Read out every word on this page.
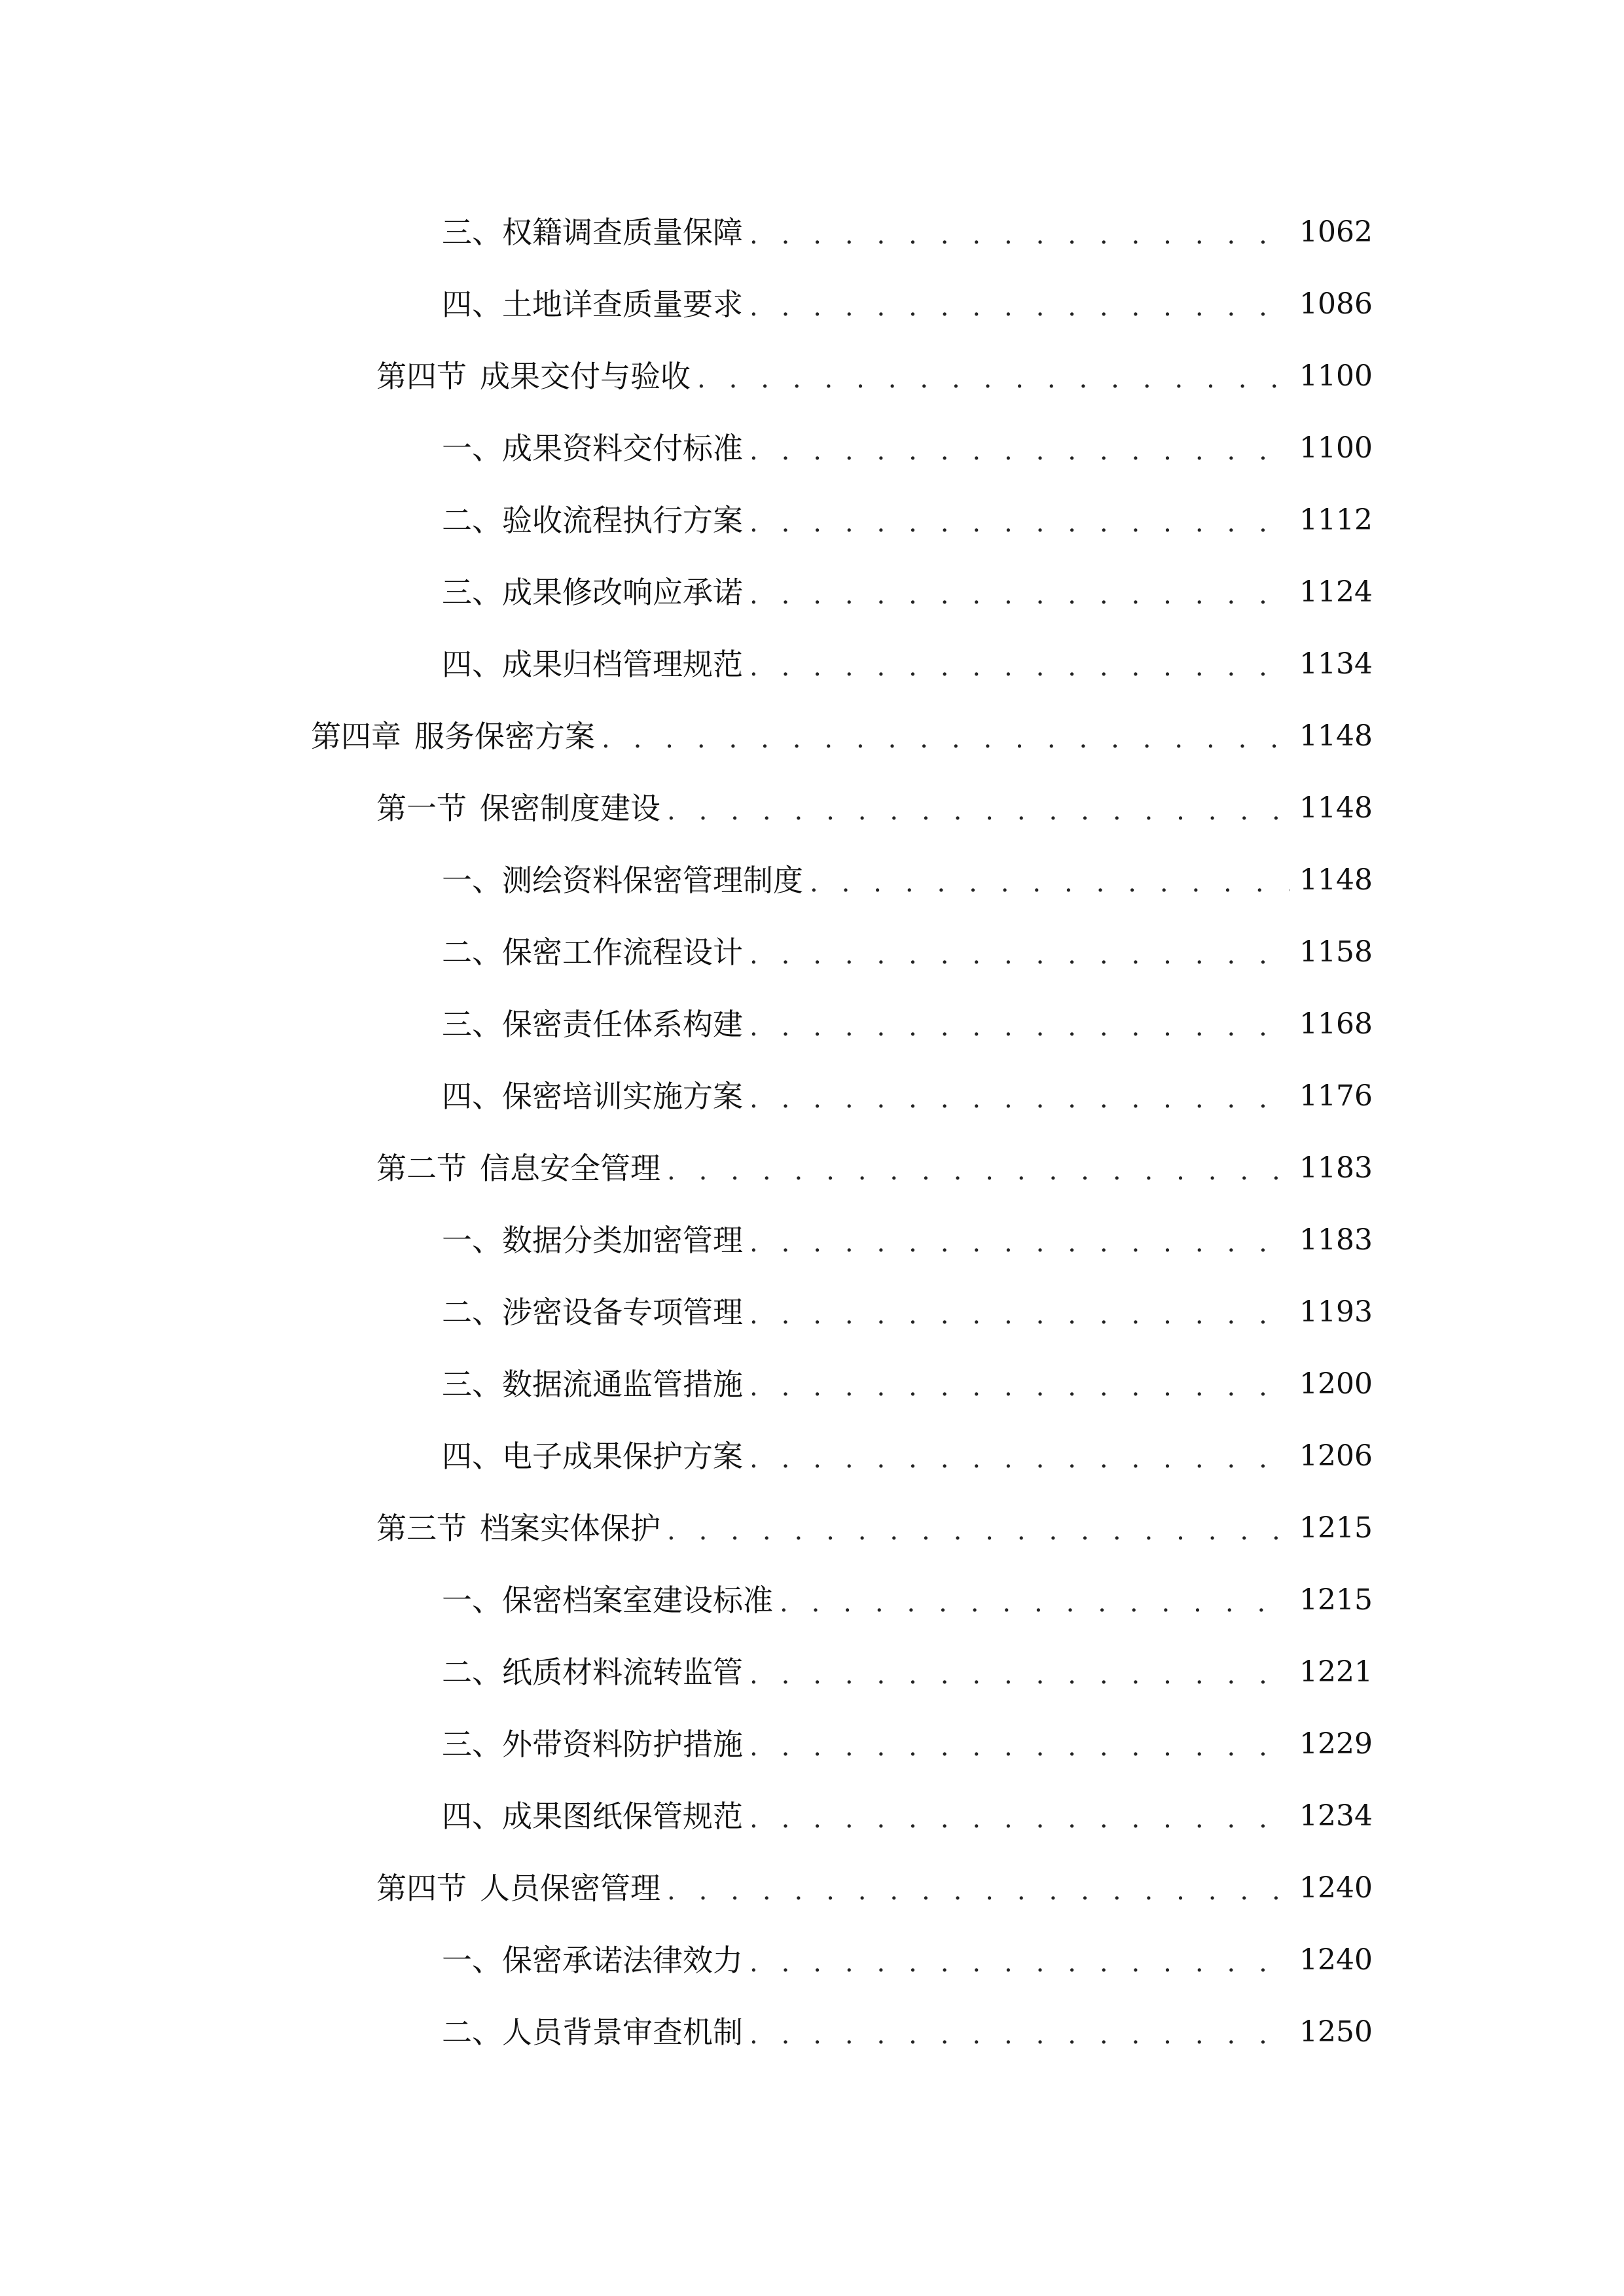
三、 权籍调查质量保障 . . .	1062
四、 土地详查质量要求 . . .	1086
第四节 成果交付与验收 . . .	1100
一、 成果资料交付标准 . . .	1100
二、 验收流程执行方案 . . .	1112
三、 成果修改响应承诺 . . .	1124
四、 成果归档管理规范 . . .	1134
第四章 服务保密方案 . . .	1148
第一节 保密制度建设 . . .	1148
一、 测绘资料保密管理制度 . . .	1148
二、 保密工作流程设计 . . .	1158
三、 保密责任体系构建 . . .	1168
四、 保密培训实施方案 . . .	1176
第二节 信息安全管理 . . .	1183
一、 数据分类加密管理 . . .	1183
二、 涉密设备专项管理 . . .	1193
三、 数据流通监管措施 . . .	1200
四、 电子成果保护方案 . . .	1206
第三节 档案实体保护 . . .	1215
一、 保密档案室建设标准 . . .	1215
二、 纸质材料流转监管 . . .	1221
三、 外带资料防护措施 . . .	1229
四、 成果图纸保管规范 . . .	1234
第四节 人员保密管理 . . .	1240
一、 保密承诺法律效力 . . .	1240
二、 人员背景审查机制 . . .	1250
